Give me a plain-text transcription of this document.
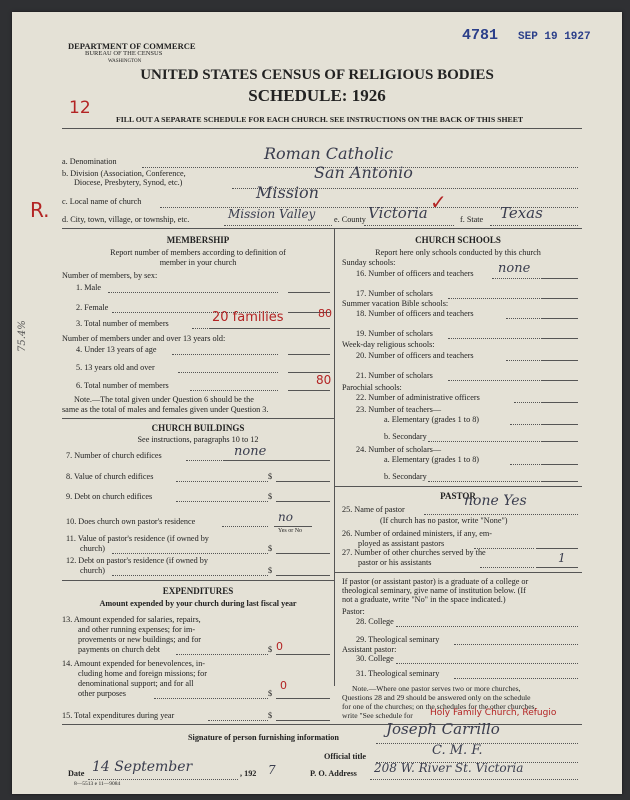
4781 SEP 19 1927
DEPARTMENT OF COMMERCE
BUREAU OF THE CENSUS
WASHINGTON
UNITED STATES CENSUS OF RELIGIOUS BODIES
SCHEDULE: 1926
FILL OUT A SEPARATE SCHEDULE FOR EACH CHURCH. SEE INSTRUCTIONS ON THE BACK OF THIS SHEET
12
R.
75.4%
a. Denomination	Roman Catholic
b. Division (Association, Conference,
Diocese, Presbytery, Synod, etc.)
San Antonio
c. Local name of church	Mission
d. City, town, village, or township, etc.	Mission Valley e. County Victoria	f. State Texas
✓
MEMBERSHIP
Report number of members according to definition of
member in your church
Number of members, by sex:
1. Male
2. Female
3. Total number of members	20 families	80
Number of members under and over 13 years old:
4. Under 13 years of age
5. 13 years old and over
6. Total number of members	80
Note.—The total given under Question 6 should be the
same as the total of males and females given under Question 3.
CHURCH BUILDINGS
See instructions, paragraphs 10 to 12
7. Number of church edifices	none
8. Value of church edifices	$
9. Debt on church edifices	$
10. Does church own pastor's residence	no
Yes or No
11. Value of pastor's residence (if owned by
church)	$
12. Debt on pastor's residence (if owned by
church)	$
EXPENDITURES
Amount expended by your church during last fiscal year
13. Amount expended for salaries, repairs,
and other running expenses; for im-
provements or new buildings; and for
payments on church debt	$ 0
14. Amount expended for benevolences, in-
cluding home and foreign missions; for
denominational support; and for all
other purposes	$
0
15. Total expenditures during year	$
CHURCH SCHOOLS
Report here only schools conducted by this church
Sunday schools:
16. Number of officers and teachers none
17. Number of scholars
Summer vacation Bible schools:
18. Number of officers and teachers
19. Number of scholars
Week-day religious schools:
20. Number of officers and teachers
21. Number of scholars
Parochial schools:
22. Number of administrative officers
23. Number of teachers—
a. Elementary (grades 1 to 8)
b. Secondary
24. Number of scholars—
a. Elementary (grades 1 to 8)
b. Secondary
PASTOR
25. Name of pastor
none Yes
(If church has no pastor, write "None")
26. Number of ordained ministers, if any, em-
ployed as assistant pastors
27. Number of other churches served by the
pastor or his assistants	1
If pastor (or assistant pastor) is a graduate of a college or
theological seminary, give name of institution below. (If
not a graduate, write "No" in the space indicated.)
Pastor:
28. College
29. Theological seminary
Assistant pastor:
30. College
31. Theological seminary
Note.—Where one pastor serves two or more churches,
Questions 28 and 29 should be answered only on the schedule
for one of the churches; on the schedules for the other churches,
write "See schedule for Holy Family Church, Refugio
Signature of person furnishing information	Joseph Carrillo
Official title	C. M. F.
Date 14 September	, 192 7	P. O. Address 208 W. River St. Victoria
8—5513 e 11—9084
